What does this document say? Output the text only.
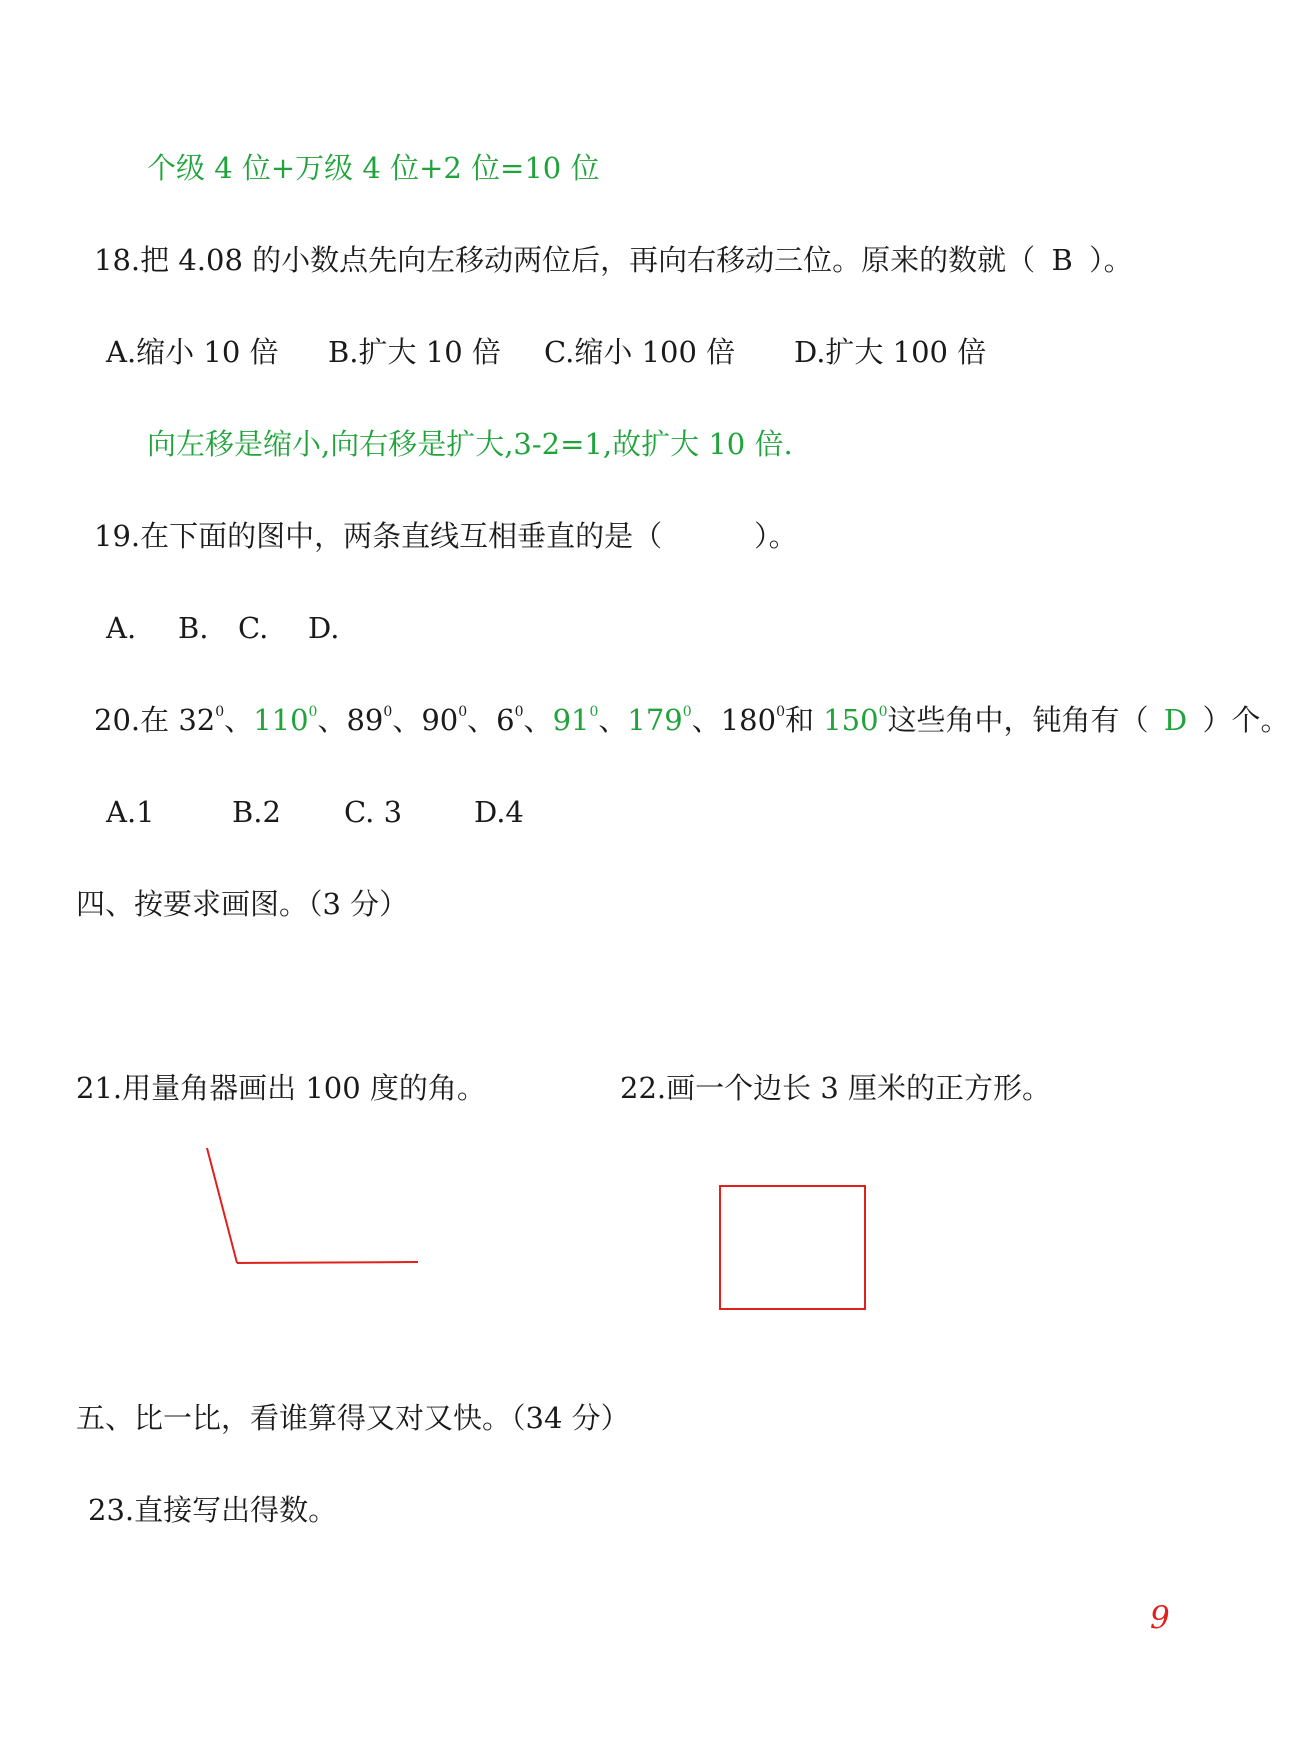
个级 4 位+万级 4 位+2 位=10 位
18.把 4.08 的小数点先向左移动两位后，再向右移动三位。原来的数就（ B ）。
A.缩小 10 倍 B.扩大 10 倍 C.缩小 100 倍 D.扩大 100 倍
向左移是缩小,向右移是扩大,3-2=1,故扩大 10 倍.
19.在下面的图中，两条直线互相垂直的是（	）。
A. B. C. D.
20.在 $32^0$、$110^0$、$89^0$、$90^0$、$6^0$、$91^0$、$179^0$、$180^0$和 $150^0$这些角中，钝角有（ D ）个。
A.1	B.2 C. 3 D.4
四、按要求画图。（3 分）
21.用量角器画出 100 度的角。	22.画一个边长 3 厘米的正方形。
五、比一比，看谁算得又对又快。（34 分）
23.直接写出得数。
9
